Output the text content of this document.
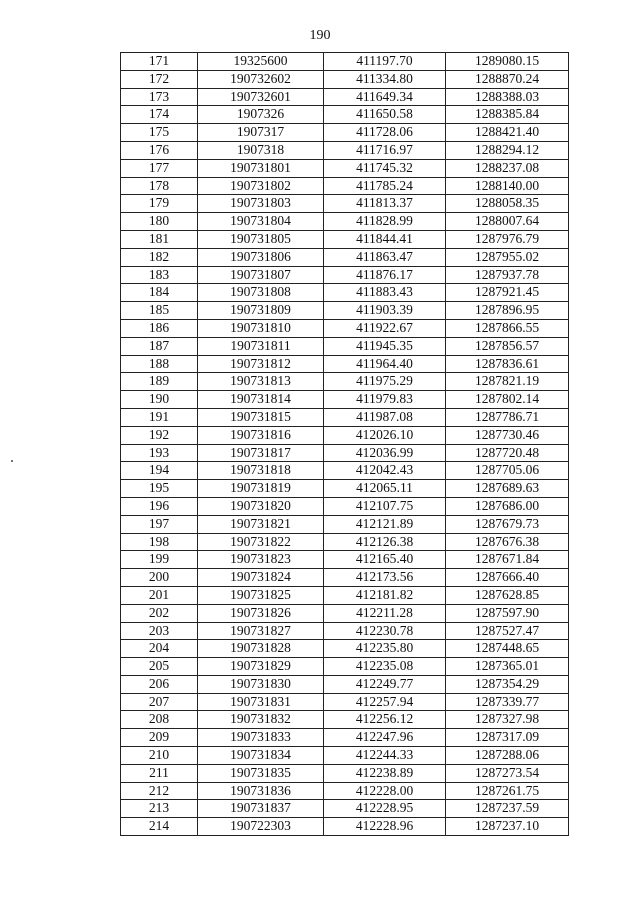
190
171	19325600	411197.70	1289080.15
172	190732602	411334.80	1288870.24
173	190732601	411649.34	1288388.03
174	1907326	411650.58	1288385.84
175	1907317	411728.06	1288421.40
176	1907318	411716.97	1288294.12
177	190731801	411745.32	1288237.08
178	190731802	411785.24	1288140.00
179	190731803	411813.37	1288058.35
180	190731804	411828.99	1288007.64
181	190731805	411844.41	1287976.79
182	190731806	411863.47	1287955.02
183	190731807	411876.17	1287937.78
184	190731808	411883.43	1287921.45
185	190731809	411903.39	1287896.95
186	190731810	411922.67	1287866.55
187	190731811	411945.35	1287856.57
188	190731812	411964.40	1287836.61
189	190731813	411975.29	1287821.19
190	190731814	411979.83	1287802.14
191	190731815	411987.08	1287786.71
192	190731816	412026.10	1287730.46
193	190731817	412036.99	1287720.48
194	190731818	412042.43	1287705.06
195	190731819	412065.11	1287689.63
196	190731820	412107.75	1287686.00
197	190731821	412121.89	1287679.73
198	190731822	412126.38	1287676.38
199	190731823	412165.40	1287671.84
200	190731824	412173.56	1287666.40
201	190731825	412181.82	1287628.85
202	190731826	412211.28	1287597.90
203	190731827	412230.78	1287527.47
204	190731828	412235.80	1287448.65
205	190731829	412235.08	1287365.01
206	190731830	412249.77	1287354.29
207	190731831	412257.94	1287339.77
208	190731832	412256.12	1287327.98
209	190731833	412247.96	1287317.09
210	190731834	412244.33	1287288.06
211	190731835	412238.89	1287273.54
212	190731836	412228.00	1287261.75
213	190731837	412228.95	1287237.59
214	190722303	412228.96	1287237.10
